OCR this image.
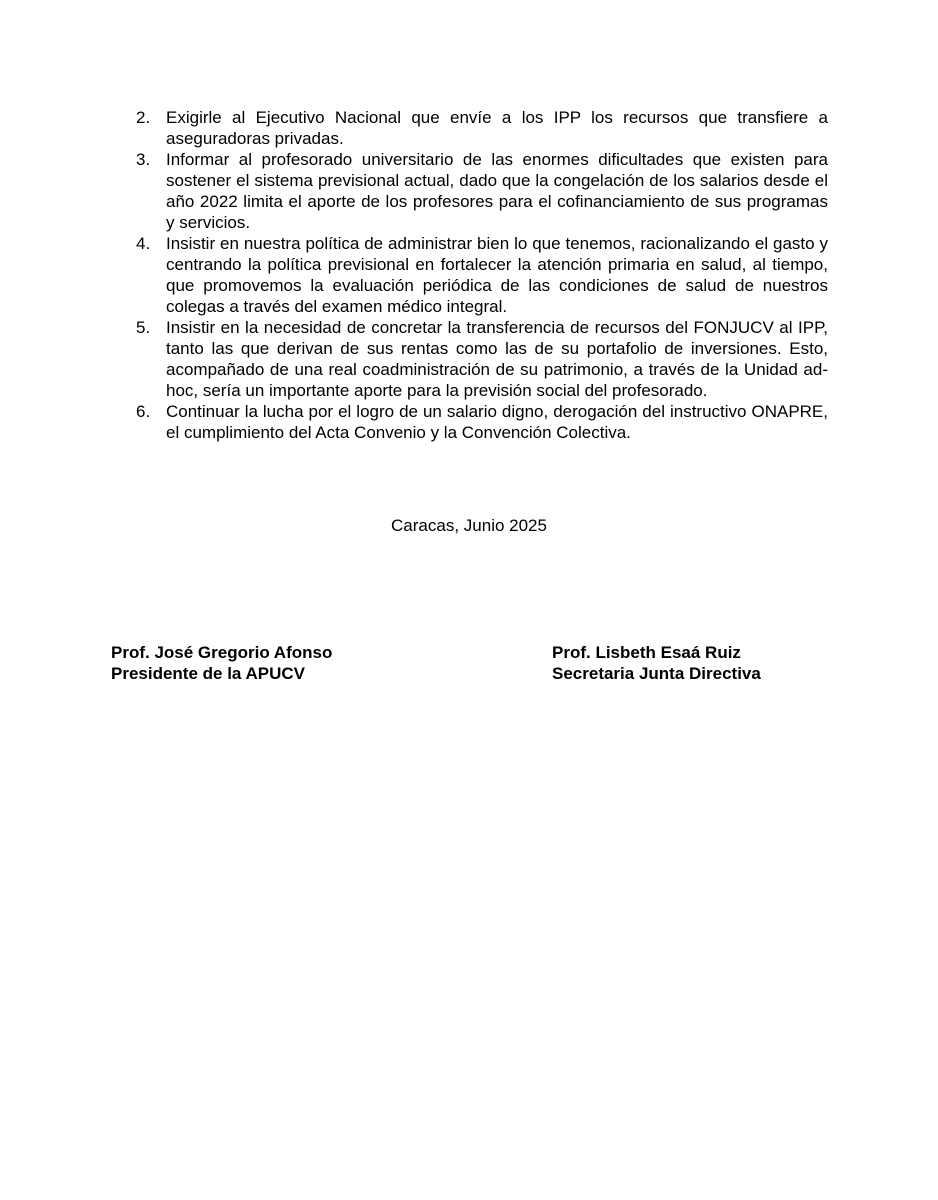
2. Exigirle al Ejecutivo Nacional que envíe a los IPP los recursos que transfiere a aseguradoras privadas.
3. Informar al profesorado universitario de las enormes dificultades que existen para sostener el sistema previsional actual, dado que la congelación de los salarios desde el año 2022 limita el aporte de los profesores para el cofinanciamiento de sus programas y servicios.
4. Insistir en nuestra política de administrar bien lo que tenemos, racionalizando el gasto y centrando la política previsional en fortalecer la atención primaria en salud, al tiempo, que promovemos la evaluación periódica de las condiciones de salud de nuestros colegas a través del examen médico integral.
5. Insistir en la necesidad de concretar la transferencia de recursos del FONJUCV al IPP, tanto las que derivan de sus rentas como las de su portafolio de inversiones. Esto, acompañado de una real coadministración de su patrimonio, a través de la Unidad ad-hoc, sería un importante aporte para la previsión social del profesorado.
6. Continuar la lucha por el logro de un salario digno, derogación del instructivo ONAPRE, el cumplimiento del Acta Convenio y la Convención Colectiva.

Caracas, Junio 2025

Prof. José Gregorio Afonso
Presidente de la APUCV
Prof. Lisbeth Esaá Ruiz
Secretaria Junta Directiva
